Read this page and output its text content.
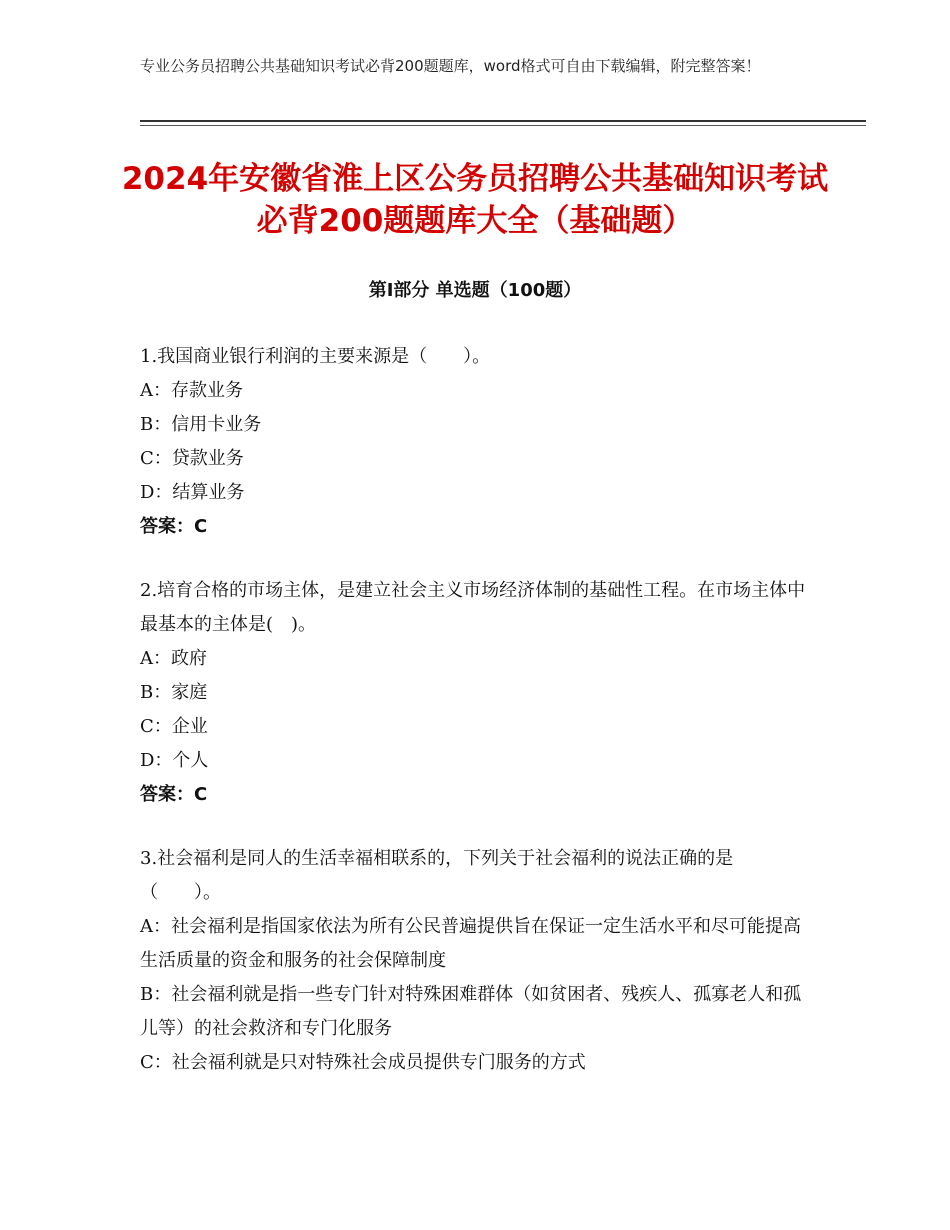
专业公务员招聘公共基础知识考试必背200题题库，word格式可自由下载编辑，附完整答案！
2024年安徽省淮上区公务员招聘公共基础知识考试必背200题题库大全（基础题）
第Ⅰ部分 单选题（100题）
1.我国商业银行利润的主要来源是（　　）。
A：存款业务
B：信用卡业务
C：贷款业务
D：结算业务
答案：C
2.培育合格的市场主体，是建立社会主义市场经济体制的基础性工程。在市场主体中最基本的主体是(　)。
A：政府
B：家庭
C：企业
D：个人
答案：C
3.社会福利是同人的生活幸福相联系的，下列关于社会福利的说法正确的是（　　）。
A：社会福利是指国家依法为所有公民普遍提供旨在保证一定生活水平和尽可能提高生活质量的资金和服务的社会保障制度
B：社会福利就是指一些专门针对特殊困难群体（如贫困者、残疾人、孤寡老人和孤儿等）的社会救济和专门化服务
C：社会福利就是只对特殊社会成员提供专门服务的方式
